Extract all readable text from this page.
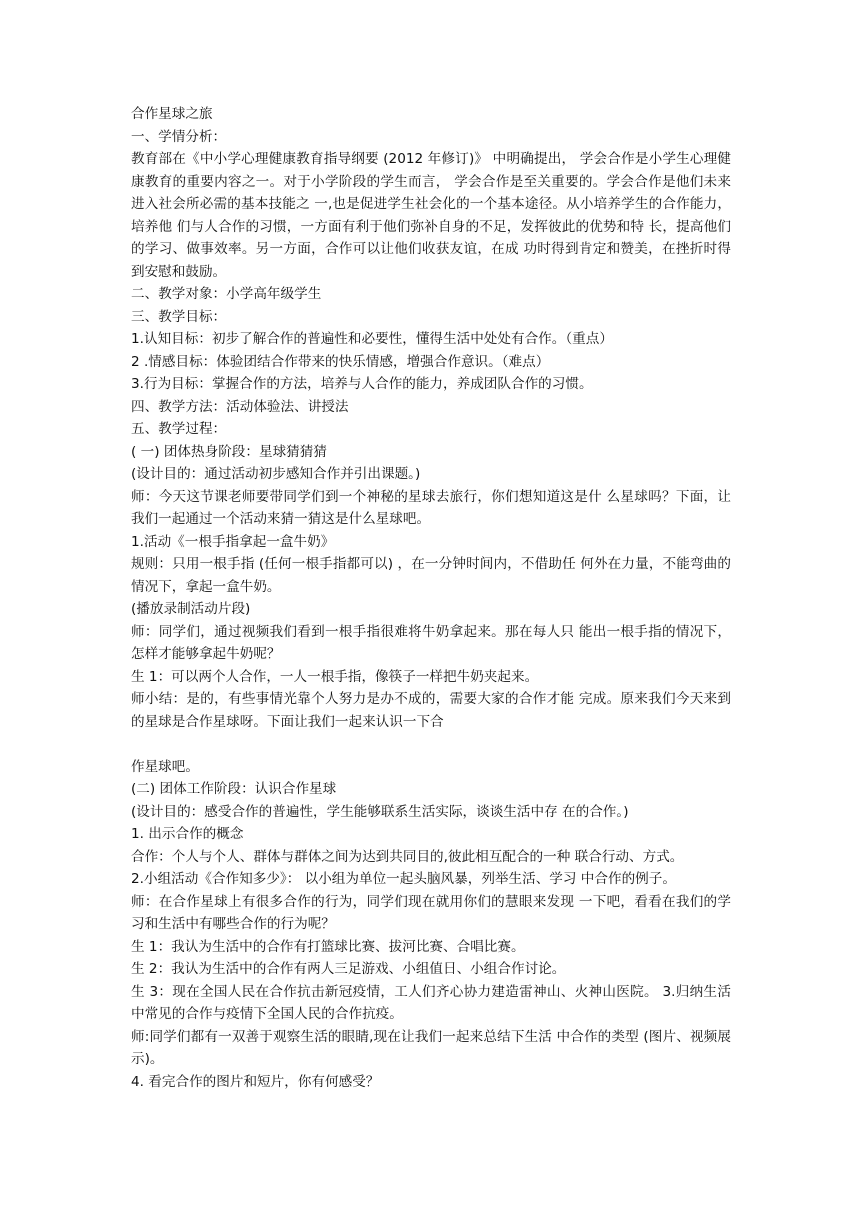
合作星球之旅
一、学情分析：
教育部在《中小学心理健康教育指导纲要 (2012 年修订)》 中明确提出， 学会合作是小学生心理健康教育的重要内容之一。对于小学阶段的学生而言， 学会合作是至关重要的。学会合作是他们未来进入社会所必需的基本技能之 一,也是促进学生社会化的一个基本途径。从小培养学生的合作能力，培养他 们与人合作的习惯，一方面有利于他们弥补自身的不足，发挥彼此的优势和特 长，提高他们的学习、做事效率。另一方面，合作可以让他们收获友谊，在成 功时得到肯定和赞美，在挫折时得到安慰和鼓励。
二、教学对象：小学高年级学生
三、教学目标：
1.认知目标：初步了解合作的普遍性和必要性，懂得生活中处处有合作。（重点）
2 .情感目标：体验团结合作带来的快乐情感，增强合作意识。（难点）
3.行为目标：掌握合作的方法，培养与人合作的能力，养成团队合作的习惯。
四、教学方法：活动体验法、讲授法
五、教学过程：
( 一) 团体热身阶段：星球猜猜猜
(设计目的：通过活动初步感知合作并引出课题。)
师：今天这节课老师要带同学们到一个神秘的星球去旅行，你们想知道这是什 么星球吗？下面，让我们一起通过一个活动来猜一猜这是什么星球吧。
1.活动《一根手指拿起一盒牛奶》
规则：只用一根手指 (任何一根手指都可以) ，在一分钟时间内，不借助任 何外在力量，不能弯曲的情况下，拿起一盒牛奶。
(播放录制活动片段)
师：同学们，通过视频我们看到一根手指很难将牛奶拿起来。那在每人只 能出一根手指的情况下，怎样才能够拿起牛奶呢？
生 1：可以两个人合作，一人一根手指，像筷子一样把牛奶夹起来。
师小结：是的，有些事情光靠个人努力是办不成的，需要大家的合作才能 完成。原来我们今天来到的星球是合作星球呀。下面让我们一起来认识一下合
作星球吧。
(二) 团体工作阶段：认识合作星球
(设计目的：感受合作的普遍性，学生能够联系生活实际，谈谈生活中存 在的合作。)
1. 出示合作的概念
合作：个人与个人、群体与群体之间为达到共同目的,彼此相互配合的一种 联合行动、方式。
2.小组活动《合作知多少》： 以小组为单位一起头脑风暴，列举生活、学习 中合作的例子。
师：在合作星球上有很多合作的行为，同学们现在就用你们的慧眼来发现 一下吧，看看在我们的学习和生活中有哪些合作的行为呢？
生 1：我认为生活中的合作有打篮球比赛、拔河比赛、合唱比赛。
生 2：我认为生活中的合作有两人三足游戏、小组值日、小组合作讨论。
生 3：现在全国人民在合作抗击新冠疫情，工人们齐心协力建造雷神山、火神山医院。 3.归纳生活中常见的合作与疫情下全国人民的合作抗疫。
师:同学们都有一双善于观察生活的眼睛,现在让我们一起来总结下生活 中合作的类型 (图片、视频展示)。
4. 看完合作的图片和短片，你有何感受？
